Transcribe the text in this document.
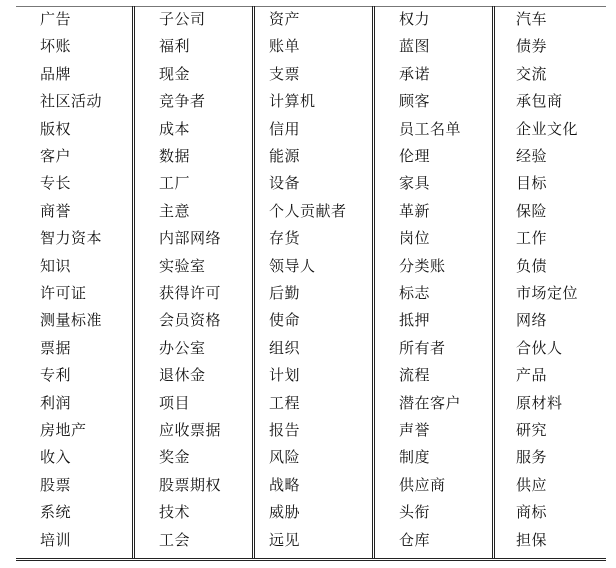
广告
坏账
品牌
社区活动
版权
客户
专长
商誉
智力资本
知识
许可证
测量标准
票据
专利
利润
房地产
收入
股票
系统
培训
子公司
福利
现金
竞争者
成本
数据
工厂
主意
内部网络
实验室
获得许可
会员资格
办公室
退休金
项目
应收票据
奖金
股票期权
技术
工会
资产
账单
支票
计算机
信用
能源
设备
个人贡献者
存货
领导人
后勤
使命
组织
计划
工程
报告
风险
战略
威胁
远见
权力
蓝图
承诺
顾客
员工名单
伦理
家具
革新
岗位
分类账
标志
抵押
所有者
流程
潜在客户
声誉
制度
供应商
头衔
仓库
汽车
债券
交流
承包商
企业文化
经验
目标
保险
工作
负债
市场定位
网络
合伙人
产品
原材料
研究
服务
供应
商标
担保
